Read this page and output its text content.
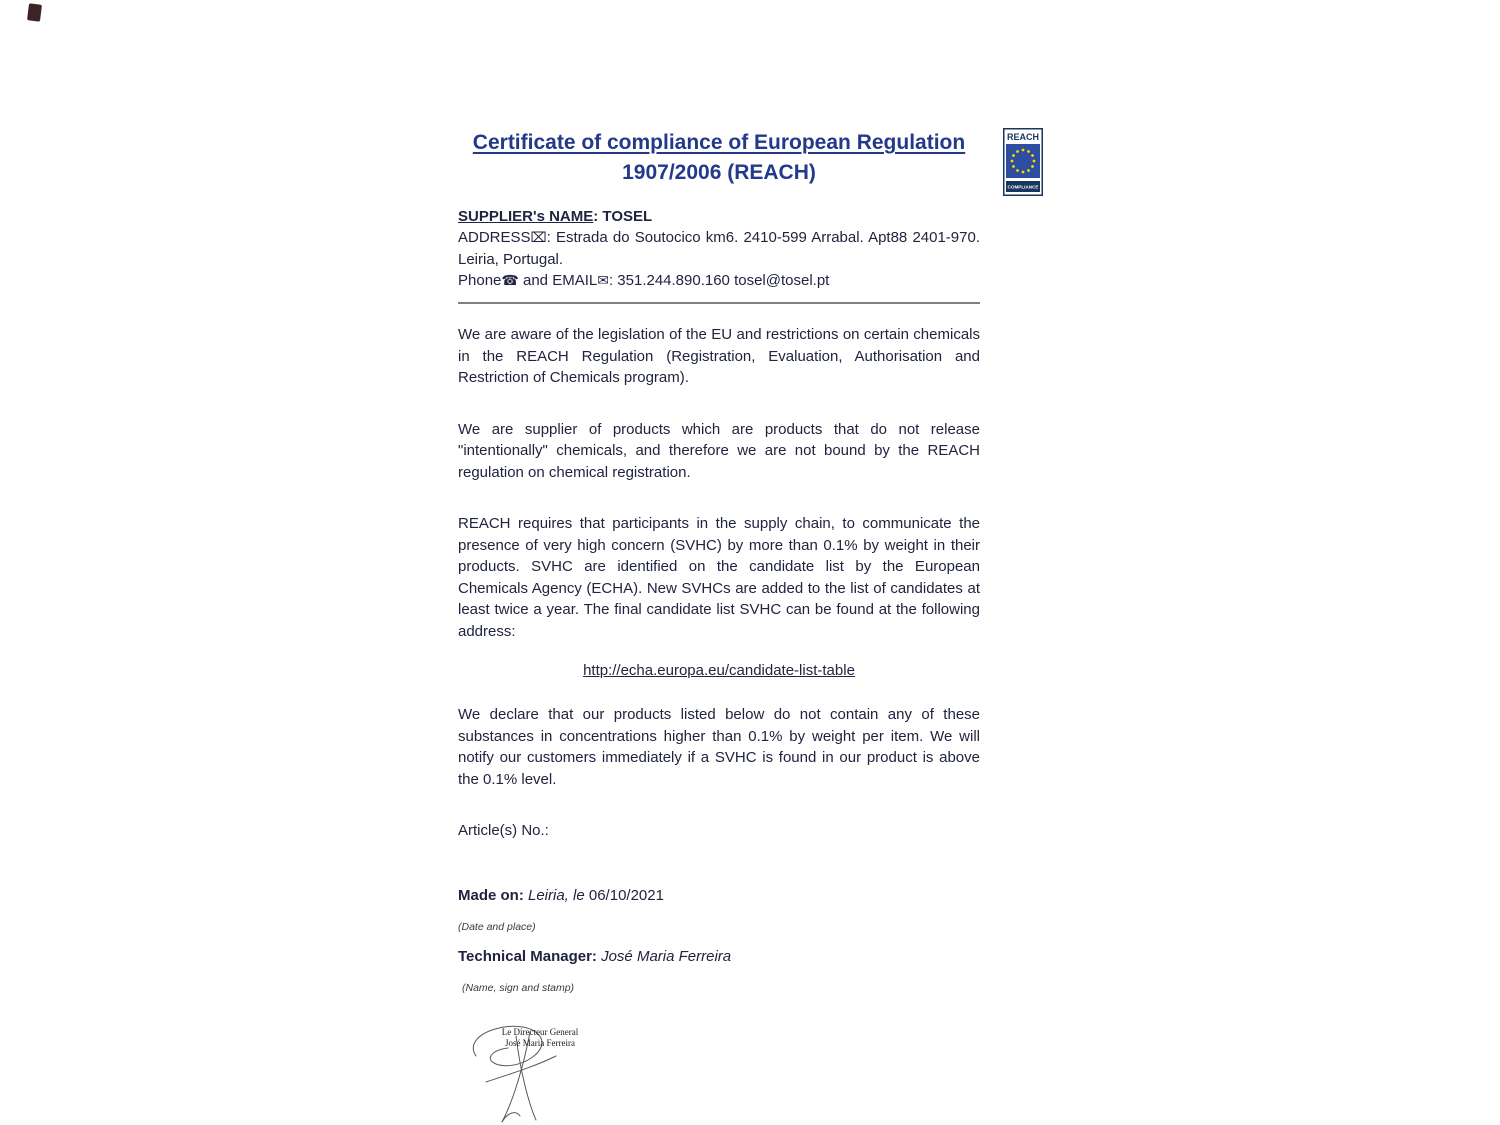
REACH
COMPLIANCE
Certificate of compliance of European Regulation
1907/2006 (REACH)

SUPPLIER's NAME: TOSEL

ADDRESS⌧: Estrada do Soutocico km6. 2410-599 Arrabal. Apt88 2401-970. Leiria, Portugal.

Phone☎ and EMAIL✉: 351.244.890.160 tosel@tosel.pt

We are aware of the legislation of the EU and restrictions on certain chemicals in the REACH Regulation (Registration, Evaluation, Authorisation and Restriction of Chemicals program).

We are supplier of products which are products that do not release "intentionally" chemicals, and therefore we are not bound by the REACH regulation on chemical registration.

REACH requires that participants in the supply chain, to communicate the presence of very high concern (SVHC) by more than 0.1% by weight in their products. SVHC are identified on the candidate list by the European Chemicals Agency (ECHA). New SVHCs are added to the list of candidates at least twice a year. The final candidate list SVHC can be found at the following address:

http://echa.europa.eu/candidate-list-table

We declare that our products listed below do not contain any of these substances in concentrations higher than 0.1% by weight per item. We will notify our customers immediately if a SVHC is found in our product is above the 0.1% level.

Article(s) No.:

Made on: Leiria, le 06/10/2021

(Date and place)

Technical Manager: José Maria Ferreira

(Name, sign and stamp)

Le Directeur General
José Maria Ferreira
